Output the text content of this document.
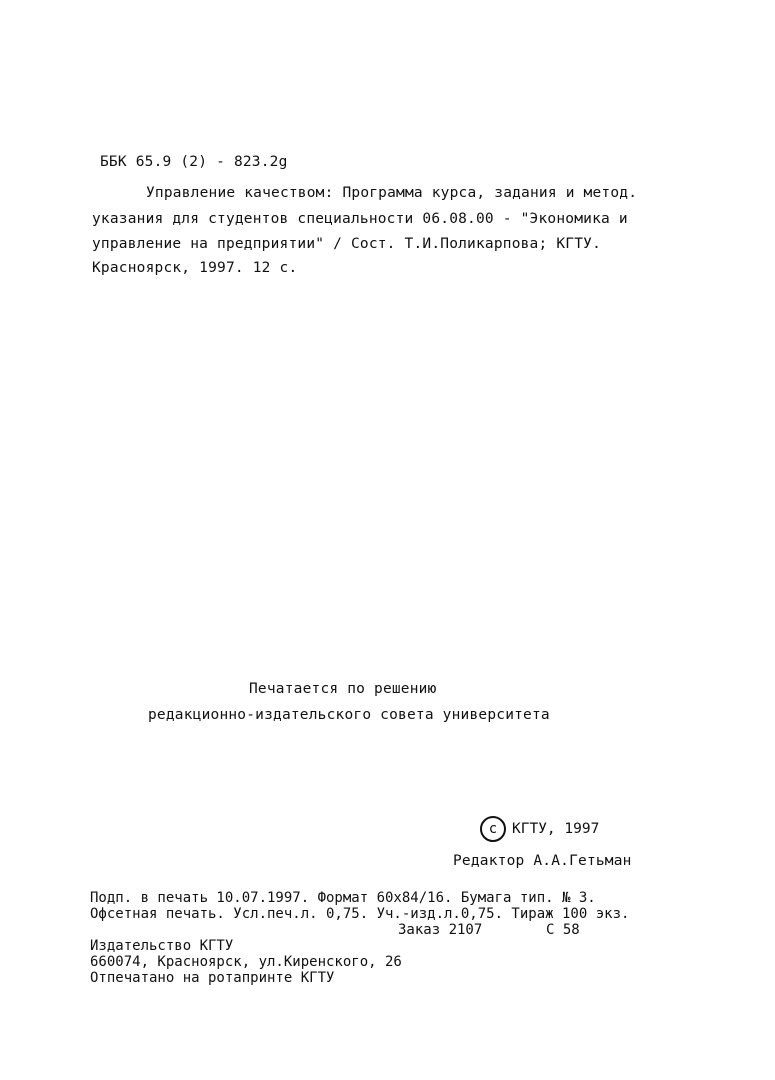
ББК 65.9 (2) - 823.2g
Управление качеством: Программа курса, задания и метод.
указания для студентов специальности 06.08.00 - "Экономика и
управление на предприятии" / Сост. Т.И.Поликарпова; КГТУ.
Красноярск, 1997. 12 с.
Печатается по решению
редакционно-издательского совета университета
c	КГТУ, 1997
Редактор А.А.Гетьман
Подп. в печать 10.07.1997. Формат 60x84/16. Бумага тип. № 3.
Офсетная печать. Усл.печ.л. 0,75. Уч.-изд.л.0,75. Тираж 100 экз.
Заказ 2107	С 58
Издательство КГТУ
660074, Красноярск, ул.Киренского, 26
Отпечатано на ротапринте КГТУ
